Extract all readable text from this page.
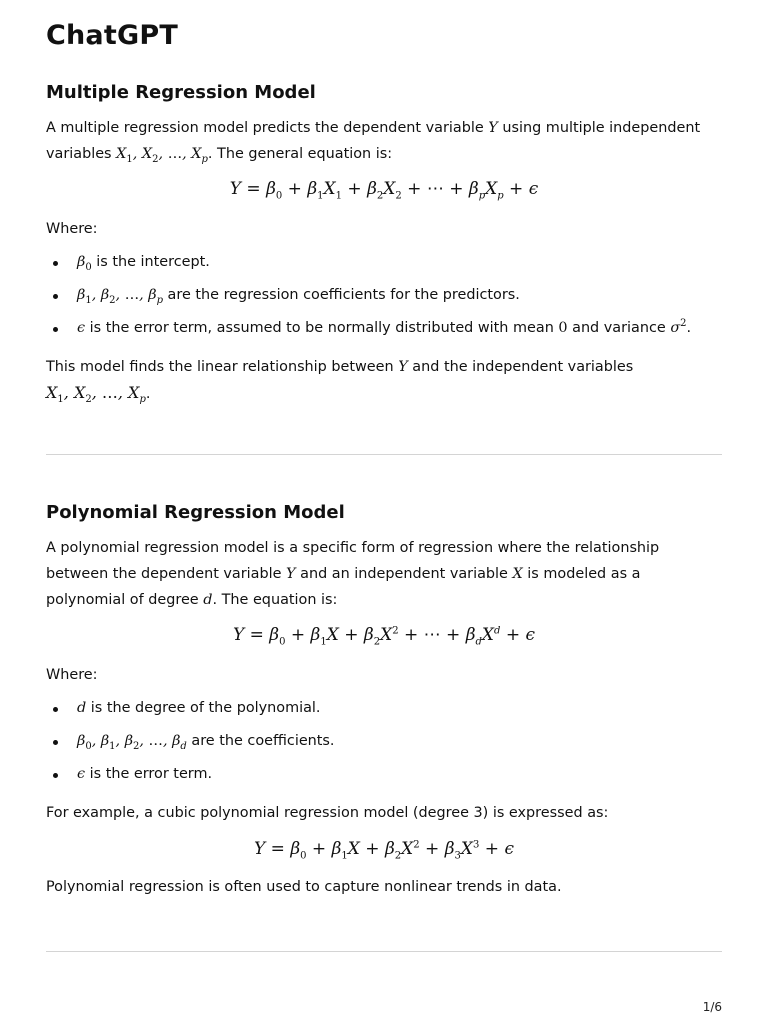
ChatGPT
Multiple Regression Model

A multiple regression model predicts the dependent variable Y using multiple independent
variables $X_1$, $X_2$, …, $X_p$. The general equation is:

$Y = \beta_0 + \beta_1X_1 + \beta_2X_2$ + ⋯ + $\beta_pX_p + \epsilon$

Where:

$\beta_0$ is the intercept.
$\beta_1$, $\beta_2$, …, $\beta_p$ are the regression coefficients for the predictors.
ϵ is the error term, assumed to be normally distributed with mean 0 and variance $\sigma^2$.

This model finds the linear relationship between Y and the independent variables
$X_1$, $X_2$, …, $X_p$.

Polynomial Regression Model

A polynomial regression model is a specific form of regression where the relationship
between the dependent variable Y and an independent variable X is modeled as a
polynomial of degree d. The equation is:

$Y = \beta_0 + \beta_1X + \beta_2X^2$ + ⋯ + $\beta_dX^d + \epsilon$

Where:

d is the degree of the polynomial.
$\beta_0$, $\beta_1$, $\beta_2$, …, $\beta_d$ are the coefficients.
ϵ is the error term.

For example, a cubic polynomial regression model (degree 3) is expressed as:

$Y = \beta_0 + \beta_1X + \beta_2X^2 + \beta_3X^3 + \epsilon$

Polynomial regression is often used to capture nonlinear trends in data.

1/6
